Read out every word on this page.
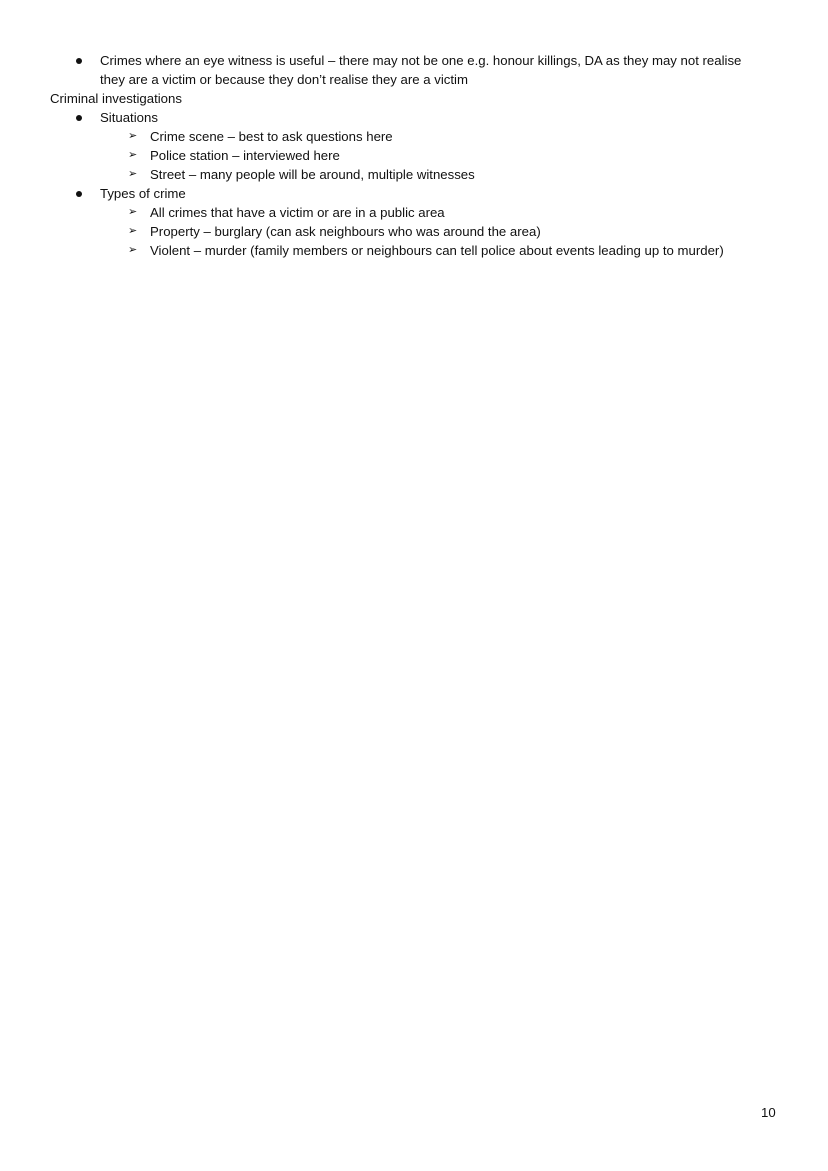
Crimes where an eye witness is useful – there may not be one e.g. honour killings, DA as they may not realise
they are a victim or because they don’t realise they are a victim
Criminal investigations
Situations
➢ Crime scene – best to ask questions here
➢ Police station – interviewed here
➢ Street – many people will be around, multiple witnesses
Types of crime
➢ All crimes that have a victim or are in a public area
➢ Property – burglary (can ask neighbours who was around the area)
➢ Violent – murder (family members or neighbours can tell police about events leading up to murder)
10
